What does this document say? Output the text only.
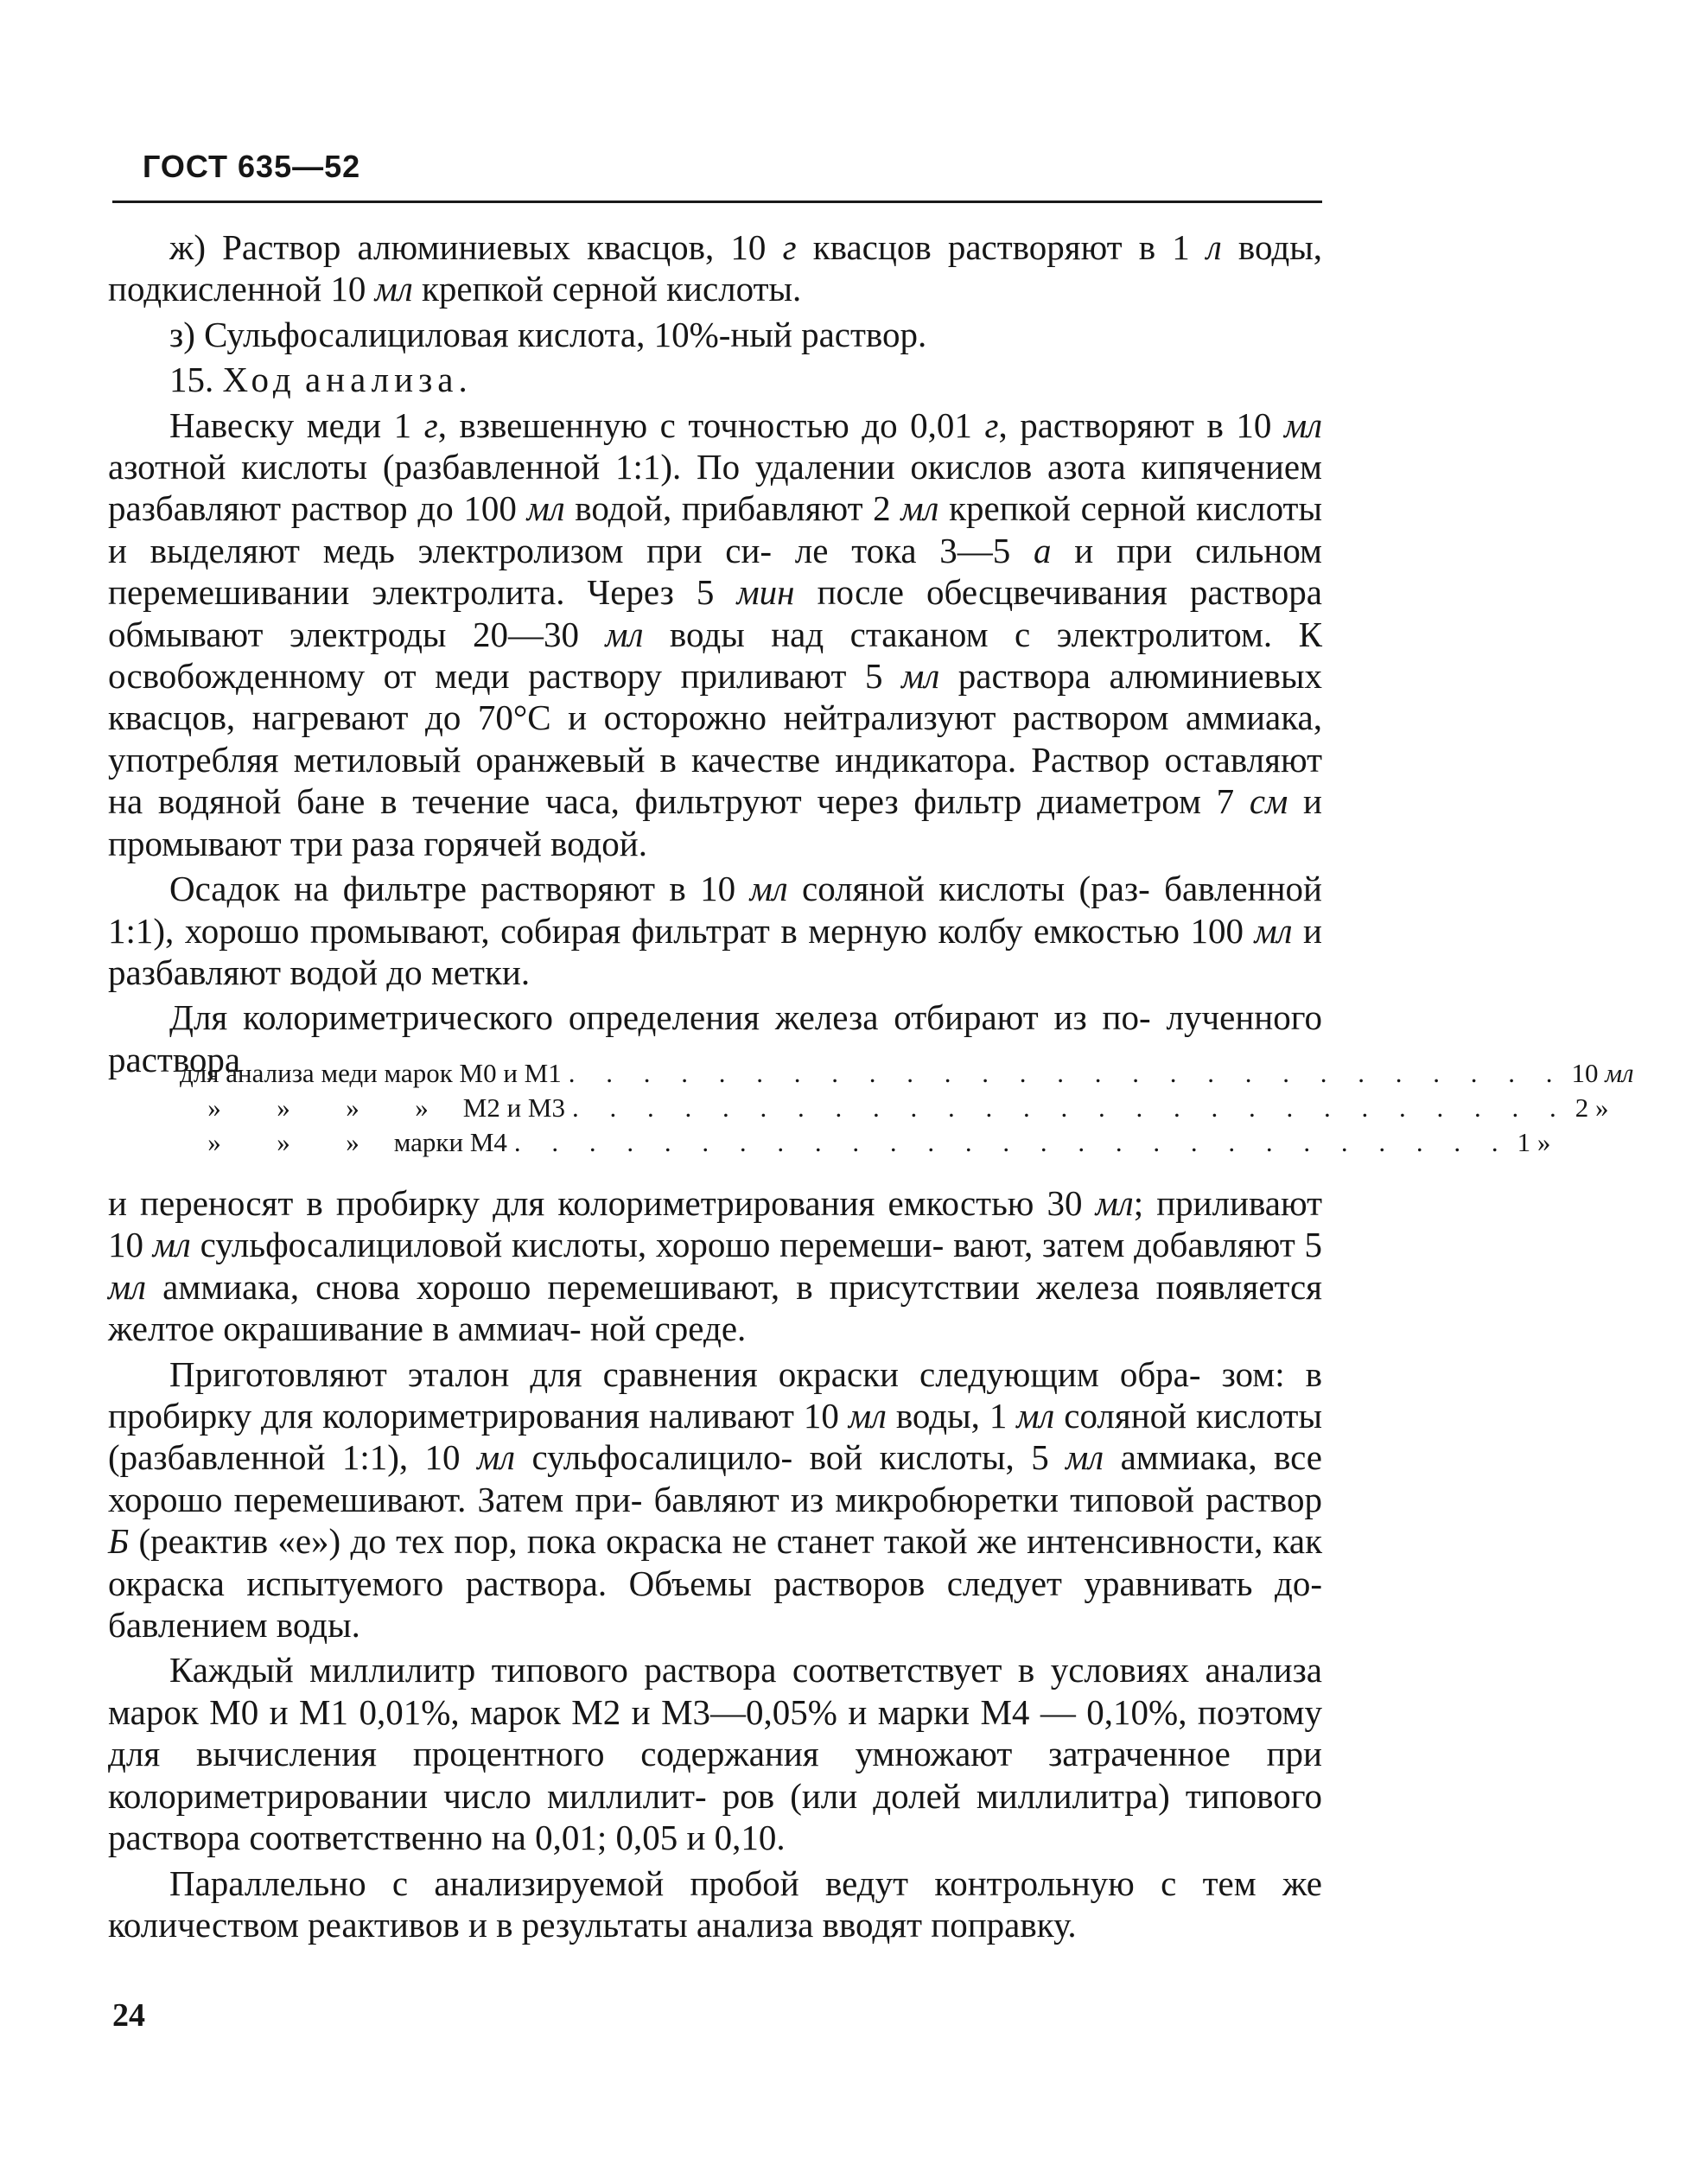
ГОСТ 635—52

ж) Раствор алюминиевых квасцов, 10 г квасцов растворяют в 1 л воды, подкисленной 10 мл крепкой серной кислоты.

з) Сульфосалициловая кислота, 10%-ный раствор.

15. Ход анализа.

Навеску меди 1 г, взвешенную с точностью до 0,01 г, растворяют в 10 мл азотной кислоты (разбавленной 1:1). По удалении окислов азота кипячением разбавляют раствор до 100 мл водой, прибавляют 2 мл крепкой серной кислоты и выделяют медь электролизом при си- ле тока 3—5 а и при сильном перемешивании электролита. Через 5 мин после обесцвечивания раствора обмывают электроды 20—30 мл воды над стаканом с электролитом. К освобожденному от меди раствору приливают 5 мл раствора алюминиевых квасцов, нагревают до 70°С и осторожно нейтрализуют раствором аммиака, употребляя метиловый оранжевый в качестве индикатора. Раствор оставляют на водяной бане в течение часа, фильтруют через фильтр диаметром 7 см и промывают три раза горячей водой.

Осадок на фильтре растворяют в 10 мл соляной кислоты (раз- бавленной 1:1), хорошо промывают, собирая фильтрат в мерную колбу емкостью 100 мл и разбавляют водой до метки.

Для колориметрического определения железа отбирают из по- лученного раствора

для анализа меди марок М0 и М1 . . . . . . . . . . . . . . . . . . . . . . . . . . . 10 мл
» » » » М2 и М3 . . . . . . . . . . . . . . . . . . . . . . . . . . . 2 »
» » » марки М4 . . . . . . . . . . . . . . . . . . . . . . . . . . . 1 »

и переносят в пробирку для колориметрирования емкостью 30 мл; приливают 10 мл сульфосалициловой кислоты, хорошо перемеши- вают, затем добавляют 5 мл аммиака, снова хорошо перемешивают, в присутствии железа появляется желтое окрашивание в аммиач- ной среде.

Приготовляют эталон для сравнения окраски следующим обра- зом: в пробирку для колориметрирования наливают 10 мл воды, 1 мл соляной кислоты (разбавленной 1:1), 10 мл сульфосалицило- вой кислоты, 5 мл аммиака, все хорошо перемешивают. Затем при- бавляют из микробюретки типовой раствор Б (реактив «е») до тех пор, пока окраска не станет такой же интенсивности, как окраска испытуемого раствора. Объемы растворов следует уравнивать до- бавлением воды.

Каждый миллилитр типового раствора соответствует в условиях анализа марок М0 и М1 0,01%, марок М2 и М3—0,05% и марки М4 — 0,10%, поэтому для вычисления процентного содержания умножают затраченное при колориметрировании число миллилит- ров (или долей миллилитра) типового раствора соответственно на 0,01; 0,05 и 0,10.

Параллельно с анализируемой пробой ведут контрольную с тем же количеством реактивов и в результаты анализа вводят поправку.

24
